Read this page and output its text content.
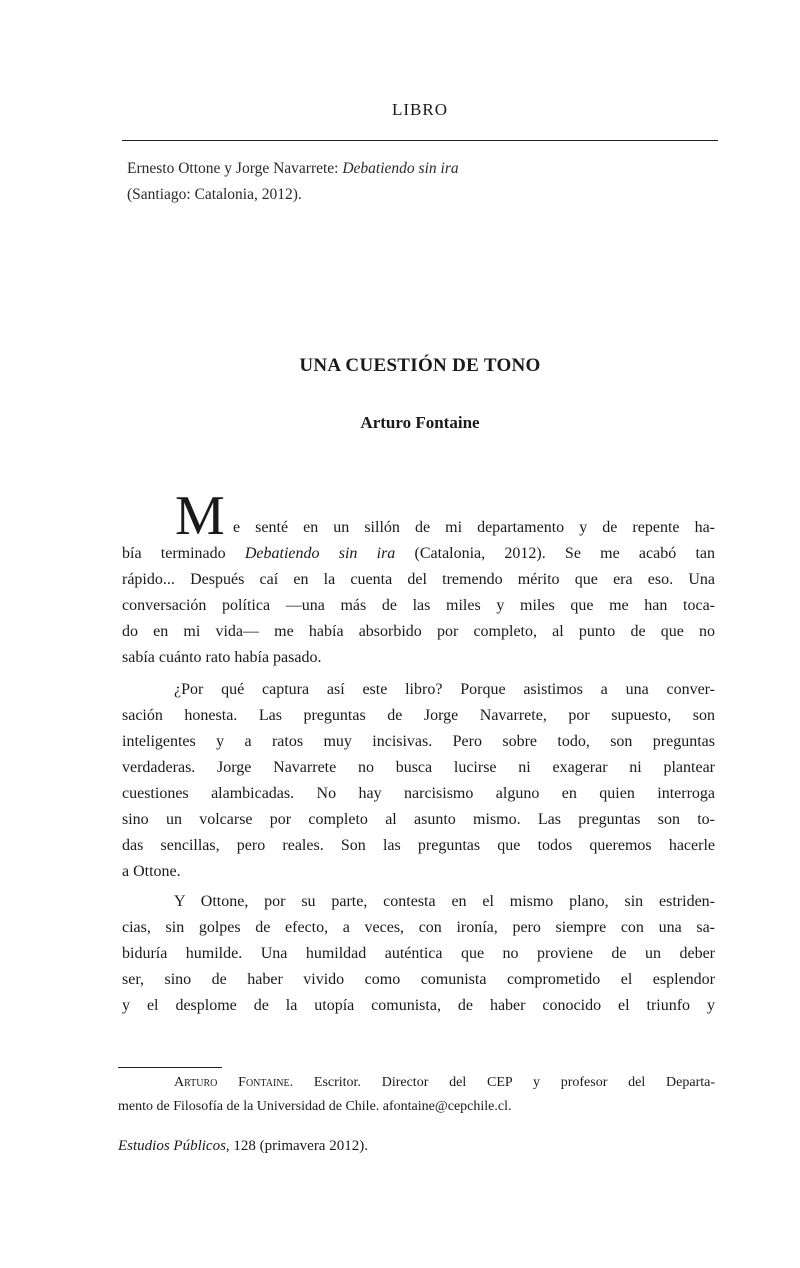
LIBRO
Ernesto Ottone y Jorge Navarrete: Debatiendo sin ira
(Santiago: Catalonia, 2012).
UNA CUESTIÓN DE TONO
Arturo Fontaine
M e senté en un sillón de mi departamento y de repente ha-
bía terminado Debatiendo sin ira (Catalonia, 2012). Se me acabó tan
rápido... Después caí en la cuenta del tremendo mérito que era eso. Una
conversación política —una más de las miles y miles que me han toca-
do en mi vida— me había absorbido por completo, al punto de que no
sabía cuánto rato había pasado.
¿Por qué captura así este libro? Porque asistimos a una conver-
sación honesta. Las preguntas de Jorge Navarrete, por supuesto, son
inteligentes y a ratos muy incisivas. Pero sobre todo, son preguntas
verdaderas. Jorge Navarrete no busca lucirse ni exagerar ni plantear
cuestiones alambicadas. No hay narcisismo alguno en quien interroga
sino un volcarse por completo al asunto mismo. Las preguntas son to-
das sencillas, pero reales. Son las preguntas que todos queremos hacerle
a Ottone.
Y Ottone, por su parte, contesta en el mismo plano, sin estriden-
cias, sin golpes de efecto, a veces, con ironía, pero siempre con una sa-
biduría humilde. Una humildad auténtica que no proviene de un deber
ser, sino de haber vivido como comunista comprometido el esplendor
y el desplome de la utopía comunista, de haber conocido el triunfo y
Arturo Fontaine. Escritor. Director del CEP y profesor del Departa-
mento de Filosofía de la Universidad de Chile. afontaine@cepchile.cl.
Estudios Públicos, 128 (primavera 2012).
